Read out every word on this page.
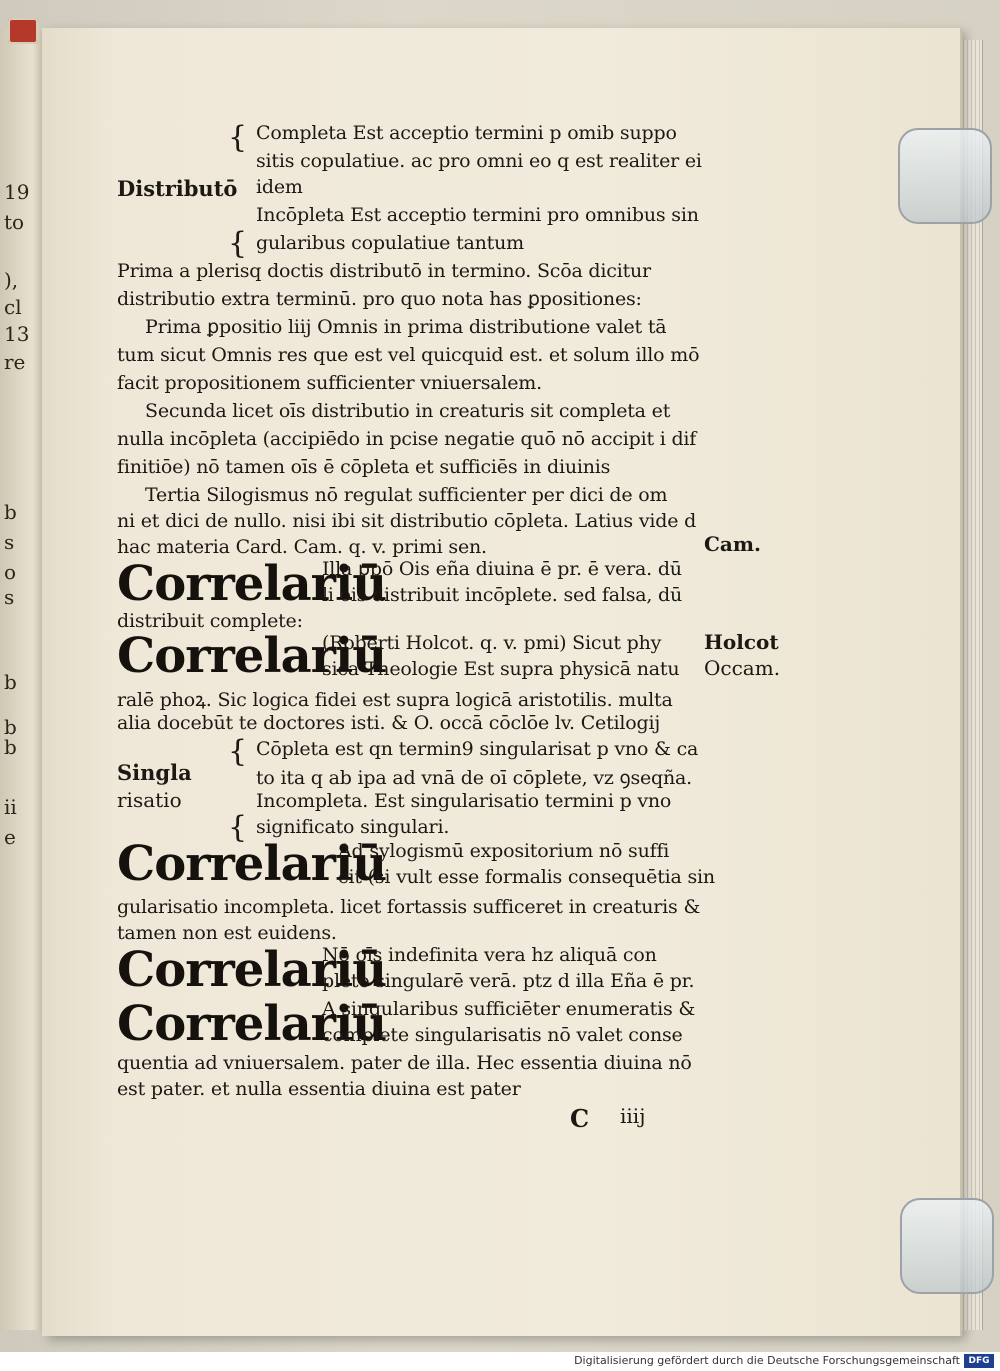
19
to
),
cl
13
re
b
s
o
s
b
b
b
ii
e
{ Completa Est acceptio termini p omib suppo
sitis copulatiue. ac pro omni eo q est realiter ei
Distributō idem
Incōpleta Est acceptio termini pro omnibus sin
{ gularibus copulatiue tantum
Prima a plerisq doctis distributō in termino. Scōa dicitur
distributio extra terminū. pro quo nota has ꝑpositiones:
Prima ꝑpositio liij Omnis in prima distributione valet tā
tum sicut Omnis res que est vel quicquid est. et solum illo mō
facit propositionem sufficienter vniuersalem.
Secunda licet oīs distributio in creaturis sit completa et
nulla incōpleta (accipiēdo in pcise negatie quō nō accipit i dif
finitiōe) nō tamen oīs ē cōpleta et sufficiēs in diuinis
Tertia Silogismus nō regulat sufficienter per dici de om
ni et dici de nullo. nisi ibi sit distributio cōpleta. Latius vide d
hac materia Card. Cam. q. v. primi sen.	Cam.
Correlariū
Illa ꝑpō Ois eña diuina ē pr. ē vera. dū
li ois distribuit incōplete. sed falsa, dū
distribuit complete:
Correlariū
(Roberti Holcot. q. v. pmi) Sicut phy
sica Theologie Est supra physicā natu
Holcot
Occam.
ralē phoꝝ. Sic logica fidei est supra logicā aristotilis. multa
alia docebūt te doctores isti. & O. occā cōclōe lv. Cetilogij
{ Cōpleta est qn termin9 singularisat p vno & ca
Singla	to ita q ab ipa ad vnā de oī cōplete, vz ꝯseqña.
risatio	Incompleta. Est singularisatio termini p vno
{ significato singulari.
Correlariū
Ad sylogismū expositorium nō suffi
cit (si vult esse formalis consequētia sin
gularisatio incompleta. licet fortassis sufficeret in creaturis &
tamen non est euidens.
Correlariū
Nō oīs indefinita vera hz aliquā con
plete singularē verā. ptz d illa Eña ē pr.
Correlariū
A singularibus sufficiēter enumeratis &
complete singularisatis nō valet conse
quentia ad vniuersalem. pater de illa. Hec essentia diuina nō
est pater. et nulla essentia diuina est pater
C iiij
Digitalisierung gefördert durch die Deutsche Forschungsgemeinschaft DFG
